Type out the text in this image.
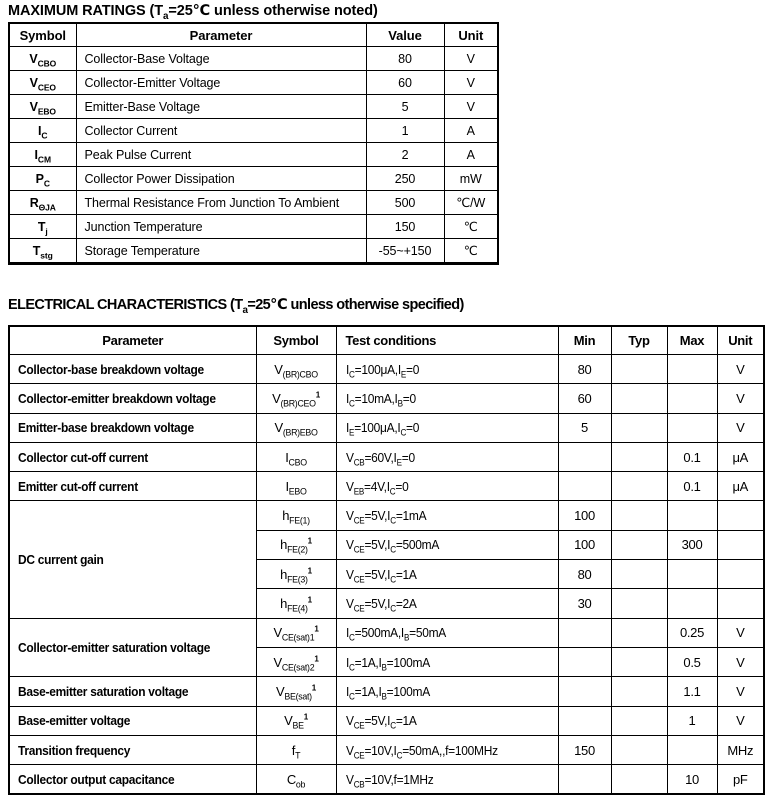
MAXIMUM RATINGS ($T_a=25℃$ unless otherwise noted)
Symbol	Parameter	Value	Unit
$V_{CBO}$	Collector-Base Voltage	80	V
$V_{CEO}$	Collector-Emitter Voltage	60	V
$V_{EBO}$	Emitter-Base Voltage	5	V
$I_C$	Collector Current	1	A
$I_{CM}$	Peak Pulse Current	2	A
$P_C$	Collector Power Dissipation	250	mW
$R_{\Theta JA}$	Thermal Resistance From Junction To Ambient	500	℃/W
$T_j$	Junction Temperature	150	℃
$T_{stg}$	Storage Temperature	-55~+150	℃
ELECTRICAL CHARACTERISTICS ($T_a=25℃$ unless otherwise specified)
Parameter	Symbol	Test conditions	Min	Typ	Max	Unit
Collector-base breakdown voltage	$V_{(BR)CBO}$	$I_C=100\mu A,I_E=0$	80			V
Collector-emitter breakdown voltage	$V_{(BR)CEO}^1$	$I_C=10mA,I_B=0$	60			V
Emitter-base breakdown voltage	$V_{(BR)EBO}$	$I_E=100\mu A,I_C=0$	5			V
Collector cut-off current	$I_{CBO}$	$V_{CB}=60V,I_E=0$			0.1	μA
Emitter cut-off current	$I_{EBO}$	$V_{EB}=4V,I_C=0$			0.1	μA
DC current gain	$h_{FE(1)}$	$V_{CE}=5V,I_C=1mA$	100			
	$h_{FE(2)}^1$	$V_{CE}=5V,I_C=500mA$	100		300	
	$h_{FE(3)}^1$	$V_{CE}=5V,I_C=1A$	80			
	$h_{FE(4)}^1$	$V_{CE}=5V,I_C=2A$	30			
Collector-emitter saturation voltage	$V_{CE(sat)1}^1$	$I_C=500mA,I_B=50mA$			0.25	V
	$V_{CE(sat)2}^1$	$I_C=1A,I_B=100mA$			0.5	V
Base-emitter saturation voltage	$V_{BE(sat)}^1$	$I_C=1A,I_B=100mA$			1.1	V
Base-emitter voltage	$V_{BE}^1$	$V_{CE}=5V,I_C=1A$			1	V
Transition frequency	$f_T$	$V_{CE}=10V,I_C=50mA,,f=100MHz$	150			MHz
Collector output capacitance	$C_{ob}$	$V_{CB}=10V,f=1MHz$			10	pF
